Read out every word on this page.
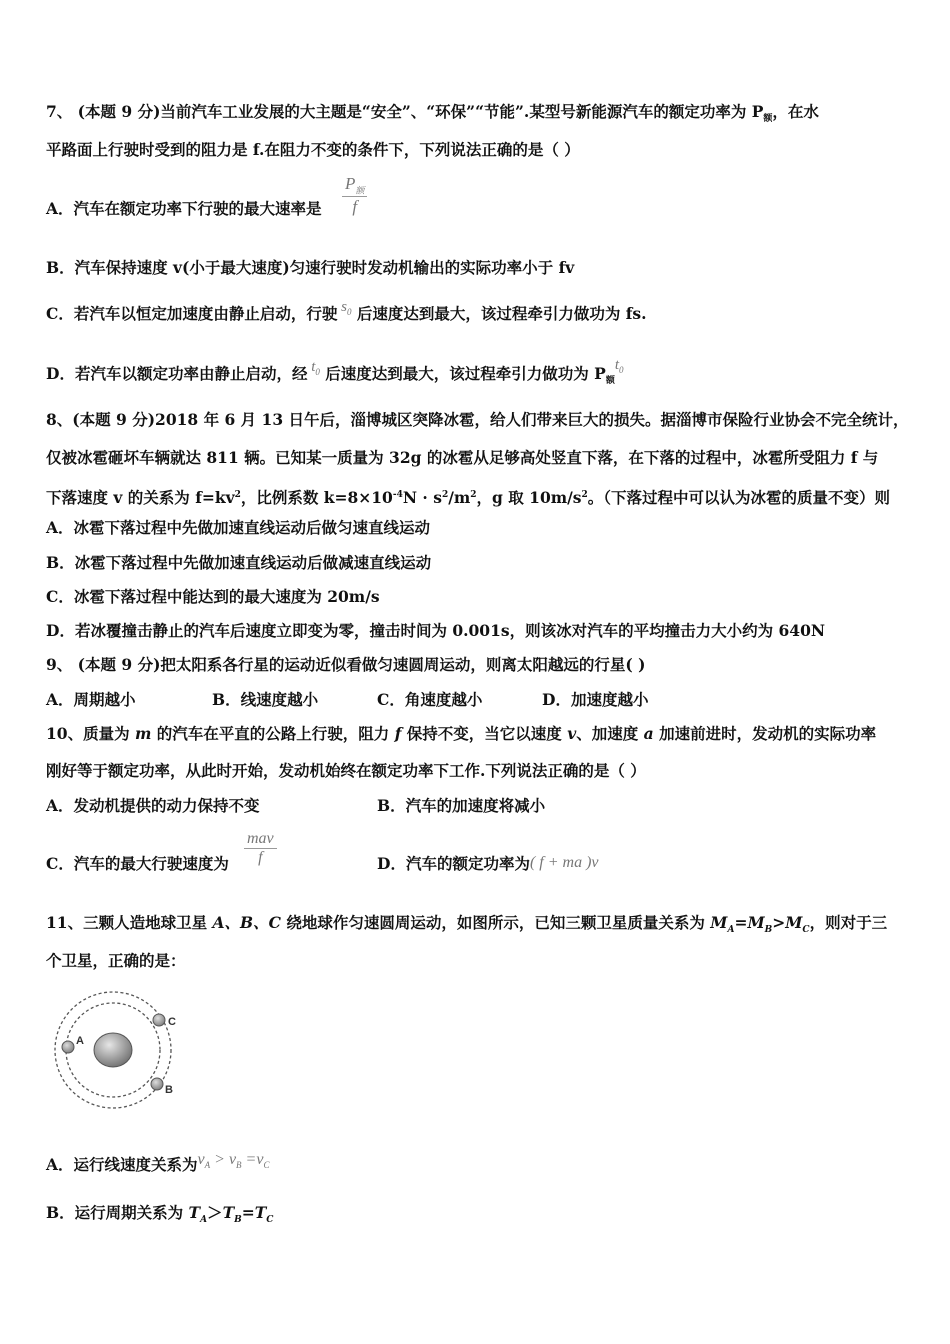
7、 (本题 9 分)当前汽车工业发展的大主题是“安全”、“环保”“节能”.某型号新能源汽车的额定功率为 $P_额$，在水
平路面上行驶时受到的阻力是 f.在阻力不变的条件下，下列说法正确的是（ ）
A．汽车在额定功率下行驶的最大速率是
$P_额$
f
B．汽车保持速度 v(小于最大速度)匀速行驶时发动机输出的实际功率小于 fv
C．若汽车以恒定加速度由静止启动，行驶 $s_0$ 后速度达到最大，该过程牵引力做功为 fs.
D．若汽车以额定功率由静止启动，经 $t_0$ 后速度达到最大，该过程牵引力做功为 $P_额t_0$
8、(本题 9 分)2018 年 6 月 13 日午后，淄博城区突降冰雹，给人们带来巨大的损失。据淄博市保险行业协会不完全统计，
仅被冰雹砸坏车辆就达 811 辆。已知某一质量为 32g 的冰雹从足够高处竖直下落，在下落的过程中，冰雹所受阻力 f 与
下落速度 v 的关系为 $f=kv^2$，比例系数 $k=8\times 10^{-4}N \cdot s^2/m^2$，g 取 $10m/s^2$。（下落过程中可以认为冰雹的质量不变）则
A．冰雹下落过程中先做加速直线运动后做匀速直线运动
B．冰雹下落过程中先做加速直线运动后做减速直线运动
C．冰雹下落过程中能达到的最大速度为 20m/s
D．若冰覆撞击静止的汽车后速度立即变为零，撞击时间为 0.001s，则该冰对汽车的平均撞击力大小约为 640N
9、 (本题 9 分)把太阳系各行星的运动近似看做匀速圆周运动，则离太阳越远的行星( )
A．周期越小	B．线速度越小	C．角速度越小	D．加速度越小
10、质量为 m 的汽车在平直的公路上行驶，阻力 f 保持不变，当它以速度 v、加速度 a 加速前进时，发动机的实际功率
刚好等于额定功率，从此时开始，发动机始终在额定功率下工作.下列说法正确的是（ ）
A．发动机提供的动力保持不变	B．汽车的加速度将减小
C．汽车的最大行驶速度为
mav
f	D．汽车的额定功率为( f + ma )v
11、三颗人造地球卫星 A、B、C 绕地球作匀速圆周运动，如图所示，已知三颗卫星质量关系为 $M_A=M_B>M_C$，则对于三
个卫星，正确的是：
A
C
B
A．运行线速度关系为$v_A > v_B =v_C$
B．运行周期关系为 $T_A>T_B=T_C$
